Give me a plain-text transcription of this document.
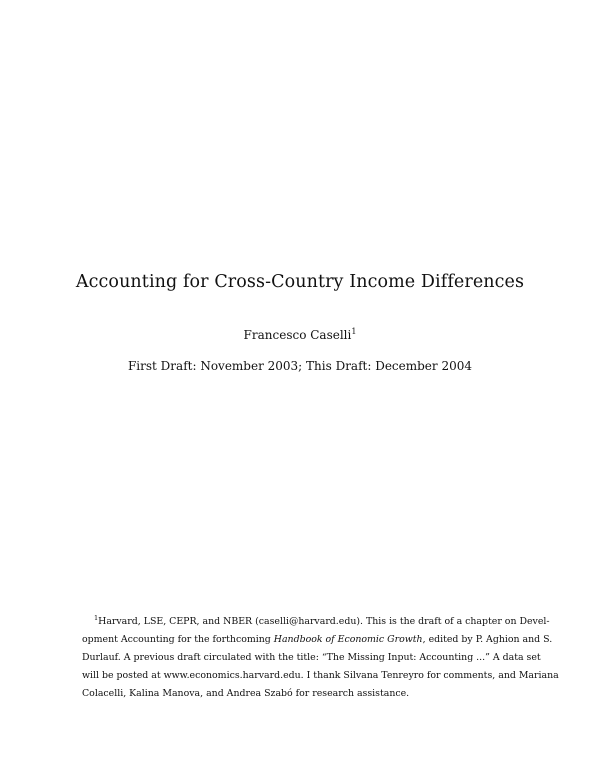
Accounting for Cross-Country Income Differences
Francesco Caselli$^1$
First Draft: November 2003; This Draft: December 2004
$^1$Harvard, LSE, CEPR, and NBER (caselli@harvard.edu). This is the draft of a chapter on Devel-
opment Accounting for the forthcoming Handbook of Economic Growth, edited by P. Aghion and S.
Durlauf. A previous draft circulated with the title: “The Missing Input: Accounting ...” A data set
will be posted at www.economics.harvard.edu. I thank Silvana Tenreyro for comments, and Mariana
Colacelli, Kalina Manova, and Andrea Szabó for research assistance.
